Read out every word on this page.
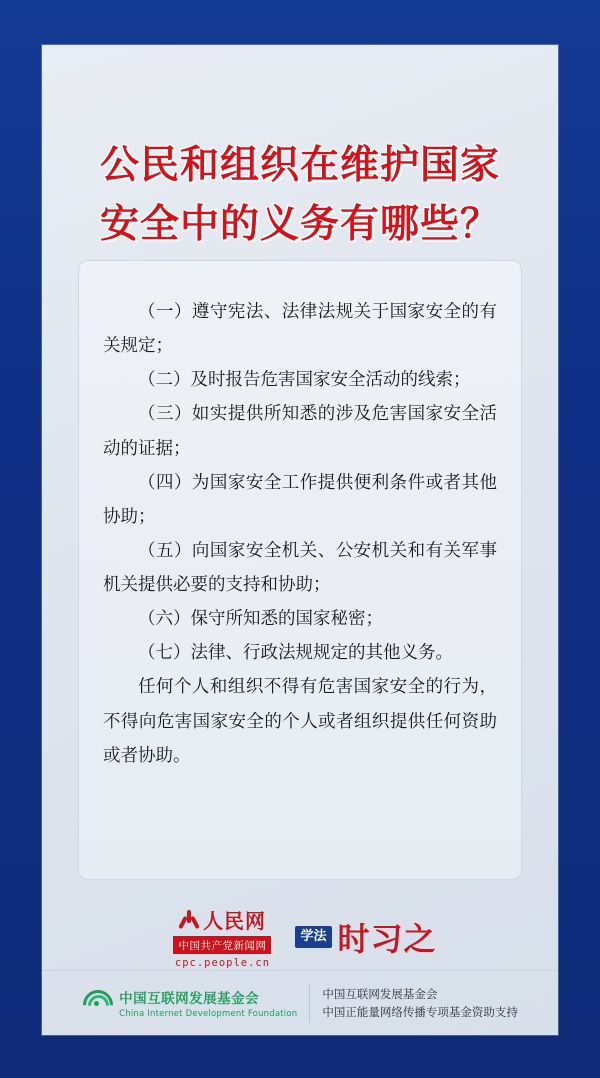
公民和组织在维护国家
安全中的义务有哪些？

（一）遵守宪法、法律法规关于国家安全的有关规定；

（二）及时报告危害国家安全活动的线索；

（三）如实提供所知悉的涉及危害国家安全活动的证据；

（四）为国家安全工作提供便利条件或者其他协助；

（五）向国家安全机关、公安机关和有关军事机关提供必要的支持和协助；

（六）保守所知悉的国家秘密；

（七）法律、行政法规规定的其他义务。

任何个人和组织不得有危害国家安全的行为，不得向危害国家安全的个人或者组织提供任何资助或者协助。

人民网
中国共产党新闻网
cpc.people.cn
学法 时习之
中国互联网发展基金会
China Internet Development Foundation
中国互联网发展基金会
中国正能量网络传播专项基金资助支持
